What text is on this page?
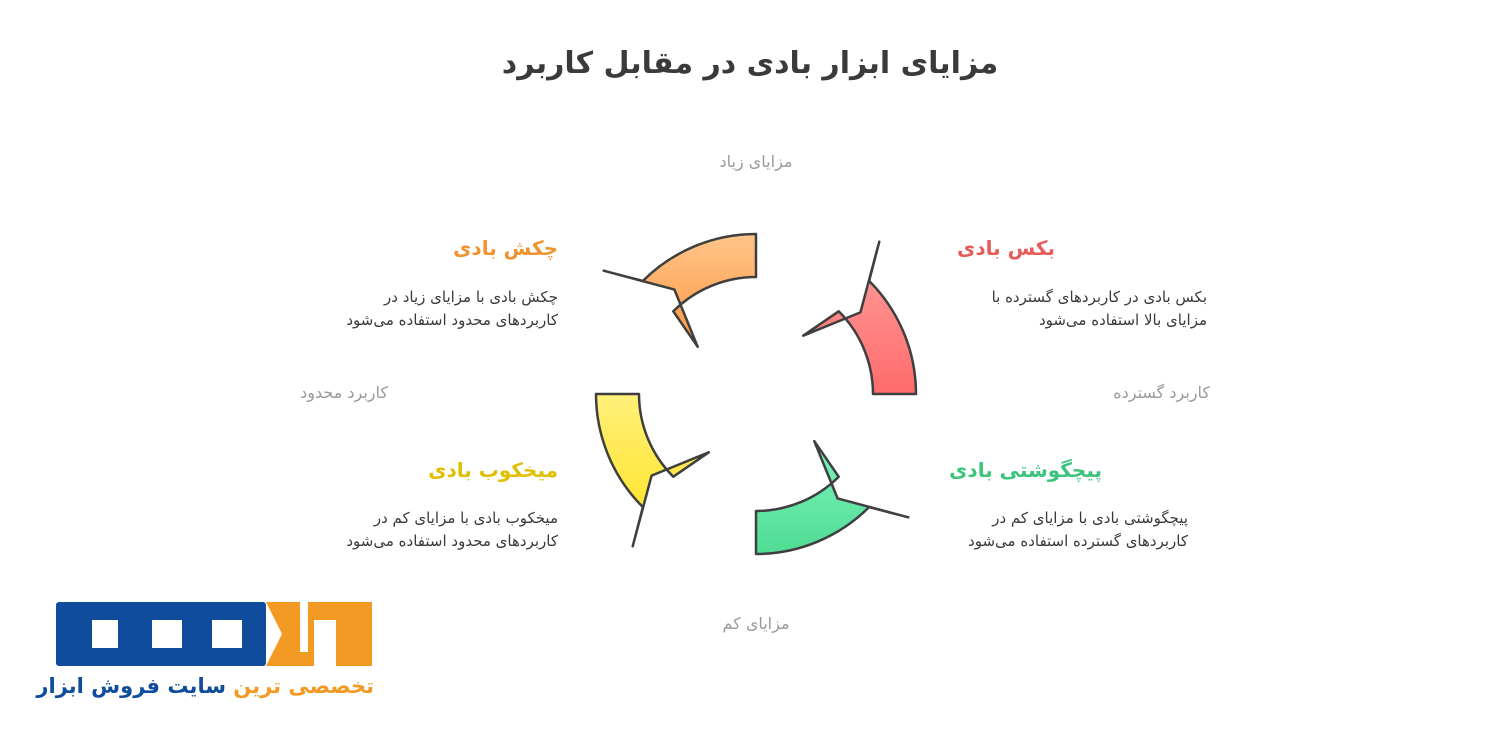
مزایای ابزار بادی در مقابل کاربرد
مزایای زیاد
مزایای کم
کاربرد محدود	کاربرد گسترده
بکس بادی
بکس بادی در کاربردهای گسترده با
مزایای بالا استفاده می‌شود
چکش بادی
چکش بادی با مزایای زیاد در
کاربردهای محدود استفاده می‌شود
میخکوب بادی
میخکوب بادی با مزایای کم در
کاربردهای محدود استفاده می‌شود
پیچگوشتی بادی
پیچگوشتی بادی با مزایای کم در
کاربردهای گسترده استفاده می‌شود
تخصصی ترین سایت فروش ابزار
